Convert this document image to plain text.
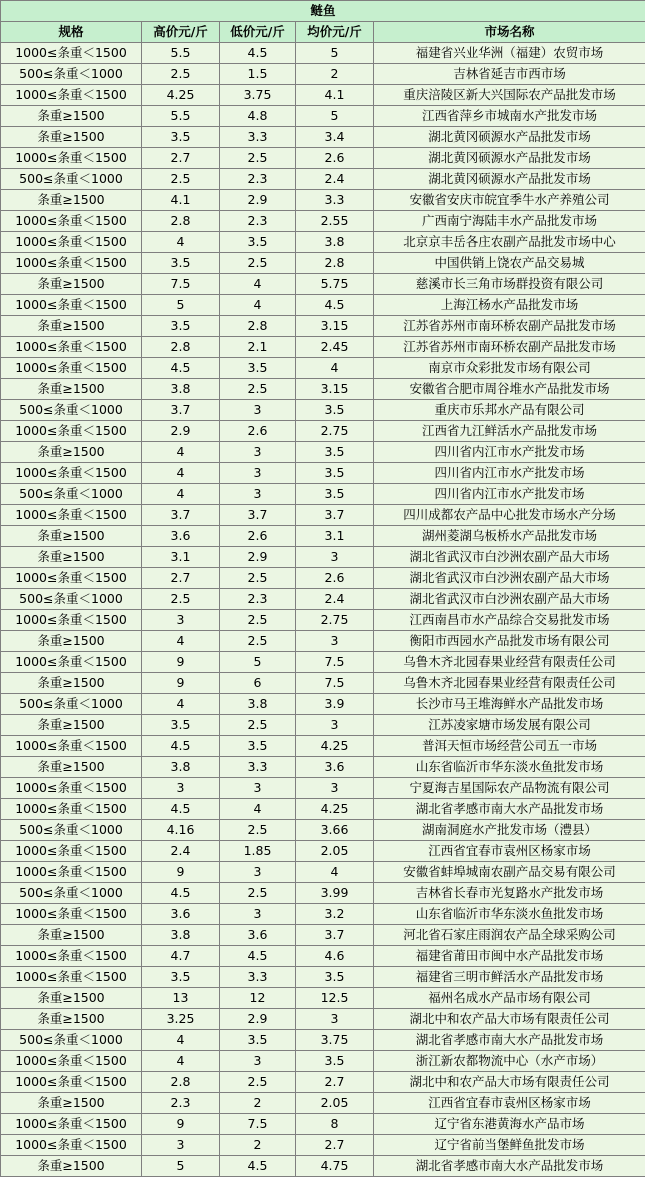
鲢鱼				
规格	高价元/斤	低价元/斤	均价元/斤	市场名称
1000≤条重＜1500	5.5	4.5	5	福建省兴业华洲（福建）农贸市场
500≤条重＜1000	2.5	1.5	2	吉林省延吉市西市场
1000≤条重＜1500	4.25	3.75	4.1	重庆涪陵区新大兴国际农产品批发市场
条重≥1500	5.5	4.8	5	江西省萍乡市城南水产批发市场
条重≥1500	3.5	3.3	3.4	湖北黄冈硕源水产品批发市场
1000≤条重＜1500	2.7	2.5	2.6	湖北黄冈硕源水产品批发市场
500≤条重＜1000	2.5	2.3	2.4	湖北黄冈硕源水产品批发市场
条重≥1500	4.1	2.9	3.3	安徽省安庆市皖宜季牛水产养殖公司
1000≤条重＜1500	2.8	2.3	2.55	广西南宁海陆丰水产品批发市场
1000≤条重＜1500	4	3.5	3.8	北京京丰岳各庄农副产品批发市场中心
1000≤条重＜1500	3.5	2.5	2.8	中国供销上饶农产品交易城
条重≥1500	7.5	4	5.75	慈溪市长三角市场群投资有限公司
1000≤条重＜1500	5	4	4.5	上海江杨水产品批发市场
条重≥1500	3.5	2.8	3.15	江苏省苏州市南环桥农副产品批发市场
1000≤条重＜1500	2.8	2.1	2.45	江苏省苏州市南环桥农副产品批发市场
1000≤条重＜1500	4.5	3.5	4	南京市众彩批发市场有限公司
条重≥1500	3.8	2.5	3.15	安徽省合肥市周谷堆水产品批发市场
500≤条重＜1000	3.7	3	3.5	重庆市乐邦水产品有限公司
1000≤条重＜1500	2.9	2.6	2.75	江西省九江鲜活水产品批发市场
条重≥1500	4	3	3.5	四川省内江市水产批发市场
1000≤条重＜1500	4	3	3.5	四川省内江市水产批发市场
500≤条重＜1000	4	3	3.5	四川省内江市水产批发市场
1000≤条重＜1500	3.7	3.7	3.7	四川成都农产品中心批发市场水产分场
条重≥1500	3.6	2.6	3.1	湖州菱湖乌板桥水产品批发市场
条重≥1500	3.1	2.9	3	湖北省武汉市白沙洲农副产品大市场
1000≤条重＜1500	2.7	2.5	2.6	湖北省武汉市白沙洲农副产品大市场
500≤条重＜1000	2.5	2.3	2.4	湖北省武汉市白沙洲农副产品大市场
1000≤条重＜1500	3	2.5	2.75	江西南昌市水产品综合交易批发市场
条重≥1500	4	2.5	3	衡阳市西园水产品批发市场有限公司
1000≤条重＜1500	9	5	7.5	乌鲁木齐北园春果业经营有限责任公司
条重≥1500	9	6	7.5	乌鲁木齐北园春果业经营有限责任公司
500≤条重＜1000	4	3.8	3.9	长沙市马王堆海鲜水产品批发市场
条重≥1500	3.5	2.5	3	江苏凌家塘市场发展有限公司
1000≤条重＜1500	4.5	3.5	4.25	普洱天恒市场经营公司五一市场
条重≥1500	3.8	3.3	3.6	山东省临沂市华东淡水鱼批发市场
1000≤条重＜1500	3	3	3	宁夏海吉星国际农产品物流有限公司
1000≤条重＜1500	4.5	4	4.25	湖北省孝感市南大水产品批发市场
500≤条重＜1000	4.16	2.5	3.66	湖南洞庭水产批发市场（澧县）
1000≤条重＜1500	2.4	1.85	2.05	江西省宜春市袁州区杨家市场
1000≤条重＜1500	9	3	4	安徽省蚌埠城南农副产品交易有限公司
500≤条重＜1000	4.5	2.5	3.99	吉林省长春市光复路水产批发市场
1000≤条重＜1500	3.6	3	3.2	山东省临沂市华东淡水鱼批发市场
条重≥1500	3.8	3.6	3.7	河北省石家庄雨润农产品全球采购公司
1000≤条重＜1500	4.7	4.5	4.6	福建省莆田市闽中水产品批发市场
1000≤条重＜1500	3.5	3.3	3.5	福建省三明市鲜活水产品批发市场
条重≥1500	13	12	12.5	福州名成水产品市场有限公司
条重≥1500	3.25	2.9	3	湖北中和农产品大市场有限责任公司
500≤条重＜1000	4	3.5	3.75	湖北省孝感市南大水产品批发市场
1000≤条重＜1500	4	3	3.5	浙江新农都物流中心（水产市场）
1000≤条重＜1500	2.8	2.5	2.7	湖北中和农产品大市场有限责任公司
条重≥1500	2.3	2	2.05	江西省宜春市袁州区杨家市场
1000≤条重＜1500	9	7.5	8	辽宁省东港黄海水产品市场
1000≤条重＜1500	3	2	2.7	辽宁省前当堡鲜鱼批发市场
条重≥1500	5	4.5	4.75	湖北省孝感市南大水产品批发市场
